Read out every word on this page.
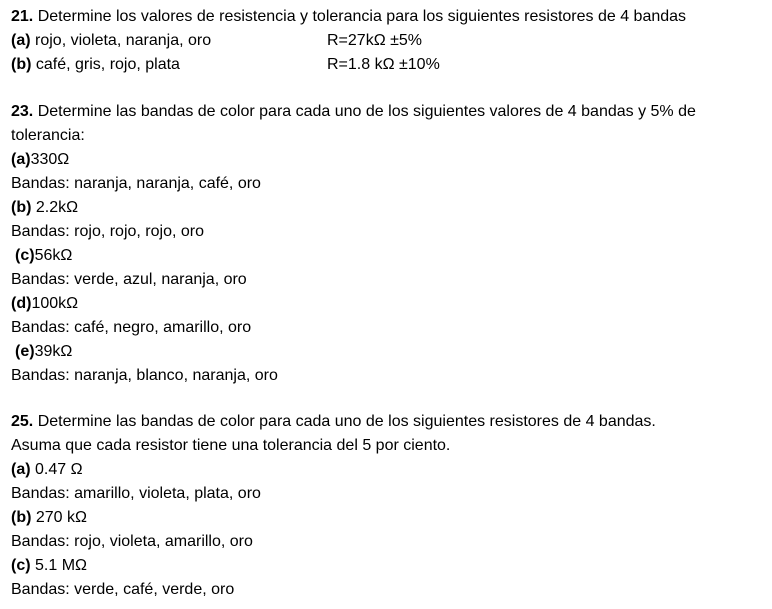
21. Determine los valores de resistencia y tolerancia para los siguientes resistores de 4 bandas
(a) rojo, violeta, naranja, oro	R=27kΩ ±5%
(b) café, gris, rojo, plata	R=1.8 kΩ ±10%
23. Determine las bandas de color para cada uno de los siguientes valores de 4 bandas y 5% de
tolerancia:
(a)330Ω
Bandas: naranja, naranja, café, oro
(b) 2.2kΩ
Bandas: rojo, rojo, rojo, oro
(c)56kΩ
Bandas: verde, azul, naranja, oro
(d)100kΩ
Bandas: café, negro, amarillo, oro
(e)39kΩ
Bandas: naranja, blanco, naranja, oro
25. Determine las bandas de color para cada uno de los siguientes resistores de 4 bandas.
Asuma que cada resistor tiene una tolerancia del 5 por ciento.
(a) 0.47 Ω
Bandas: amarillo, violeta, plata, oro
(b) 270 kΩ
Bandas: rojo, violeta, amarillo, oro
(c) 5.1 MΩ
Bandas: verde, café, verde, oro
